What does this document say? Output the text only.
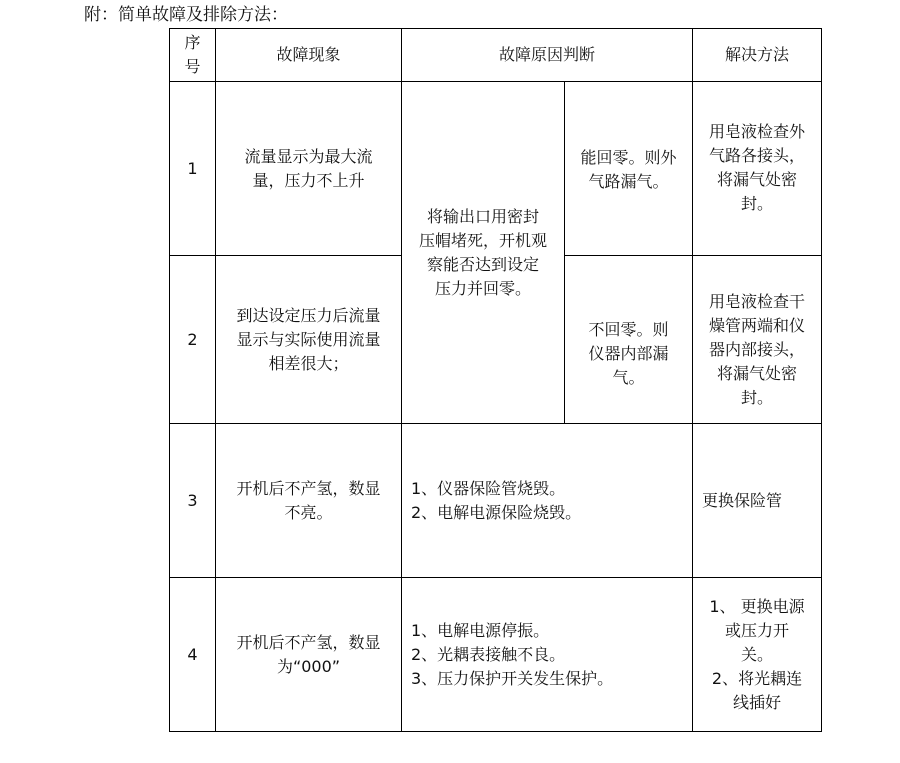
附：简单故障及排除方法：
序
号	故障现象	故障原因判断		解决方法
1	流量显示为最大流
量，压力不上升	将输出口用密封
压帽堵死，开机观
察能否达到设定
压力并回零。	能回零。则外
气路漏气。	用皂液检查外
气路各接头，
将漏气处密
封。

2	到达设定压力后流量
显示与实际使用流量
相差很大；		不回零。则
仪器内部漏
气。	用皂液检查干
燥管两端和仪
器内部接头，
将漏气处密
封。

3	开机后不产氢，数显
不亮。	1、仪器保险管烧毁。
2、电解电源保险烧毁。		更换保险管
4	开机后不产氢，数显
为“000”	1、电解电源停振。
2、光耦表接触不良。
3、压力保护开关发生保护。		1、 更换电源
或压力开
关。
2、将光耦连
线插好
